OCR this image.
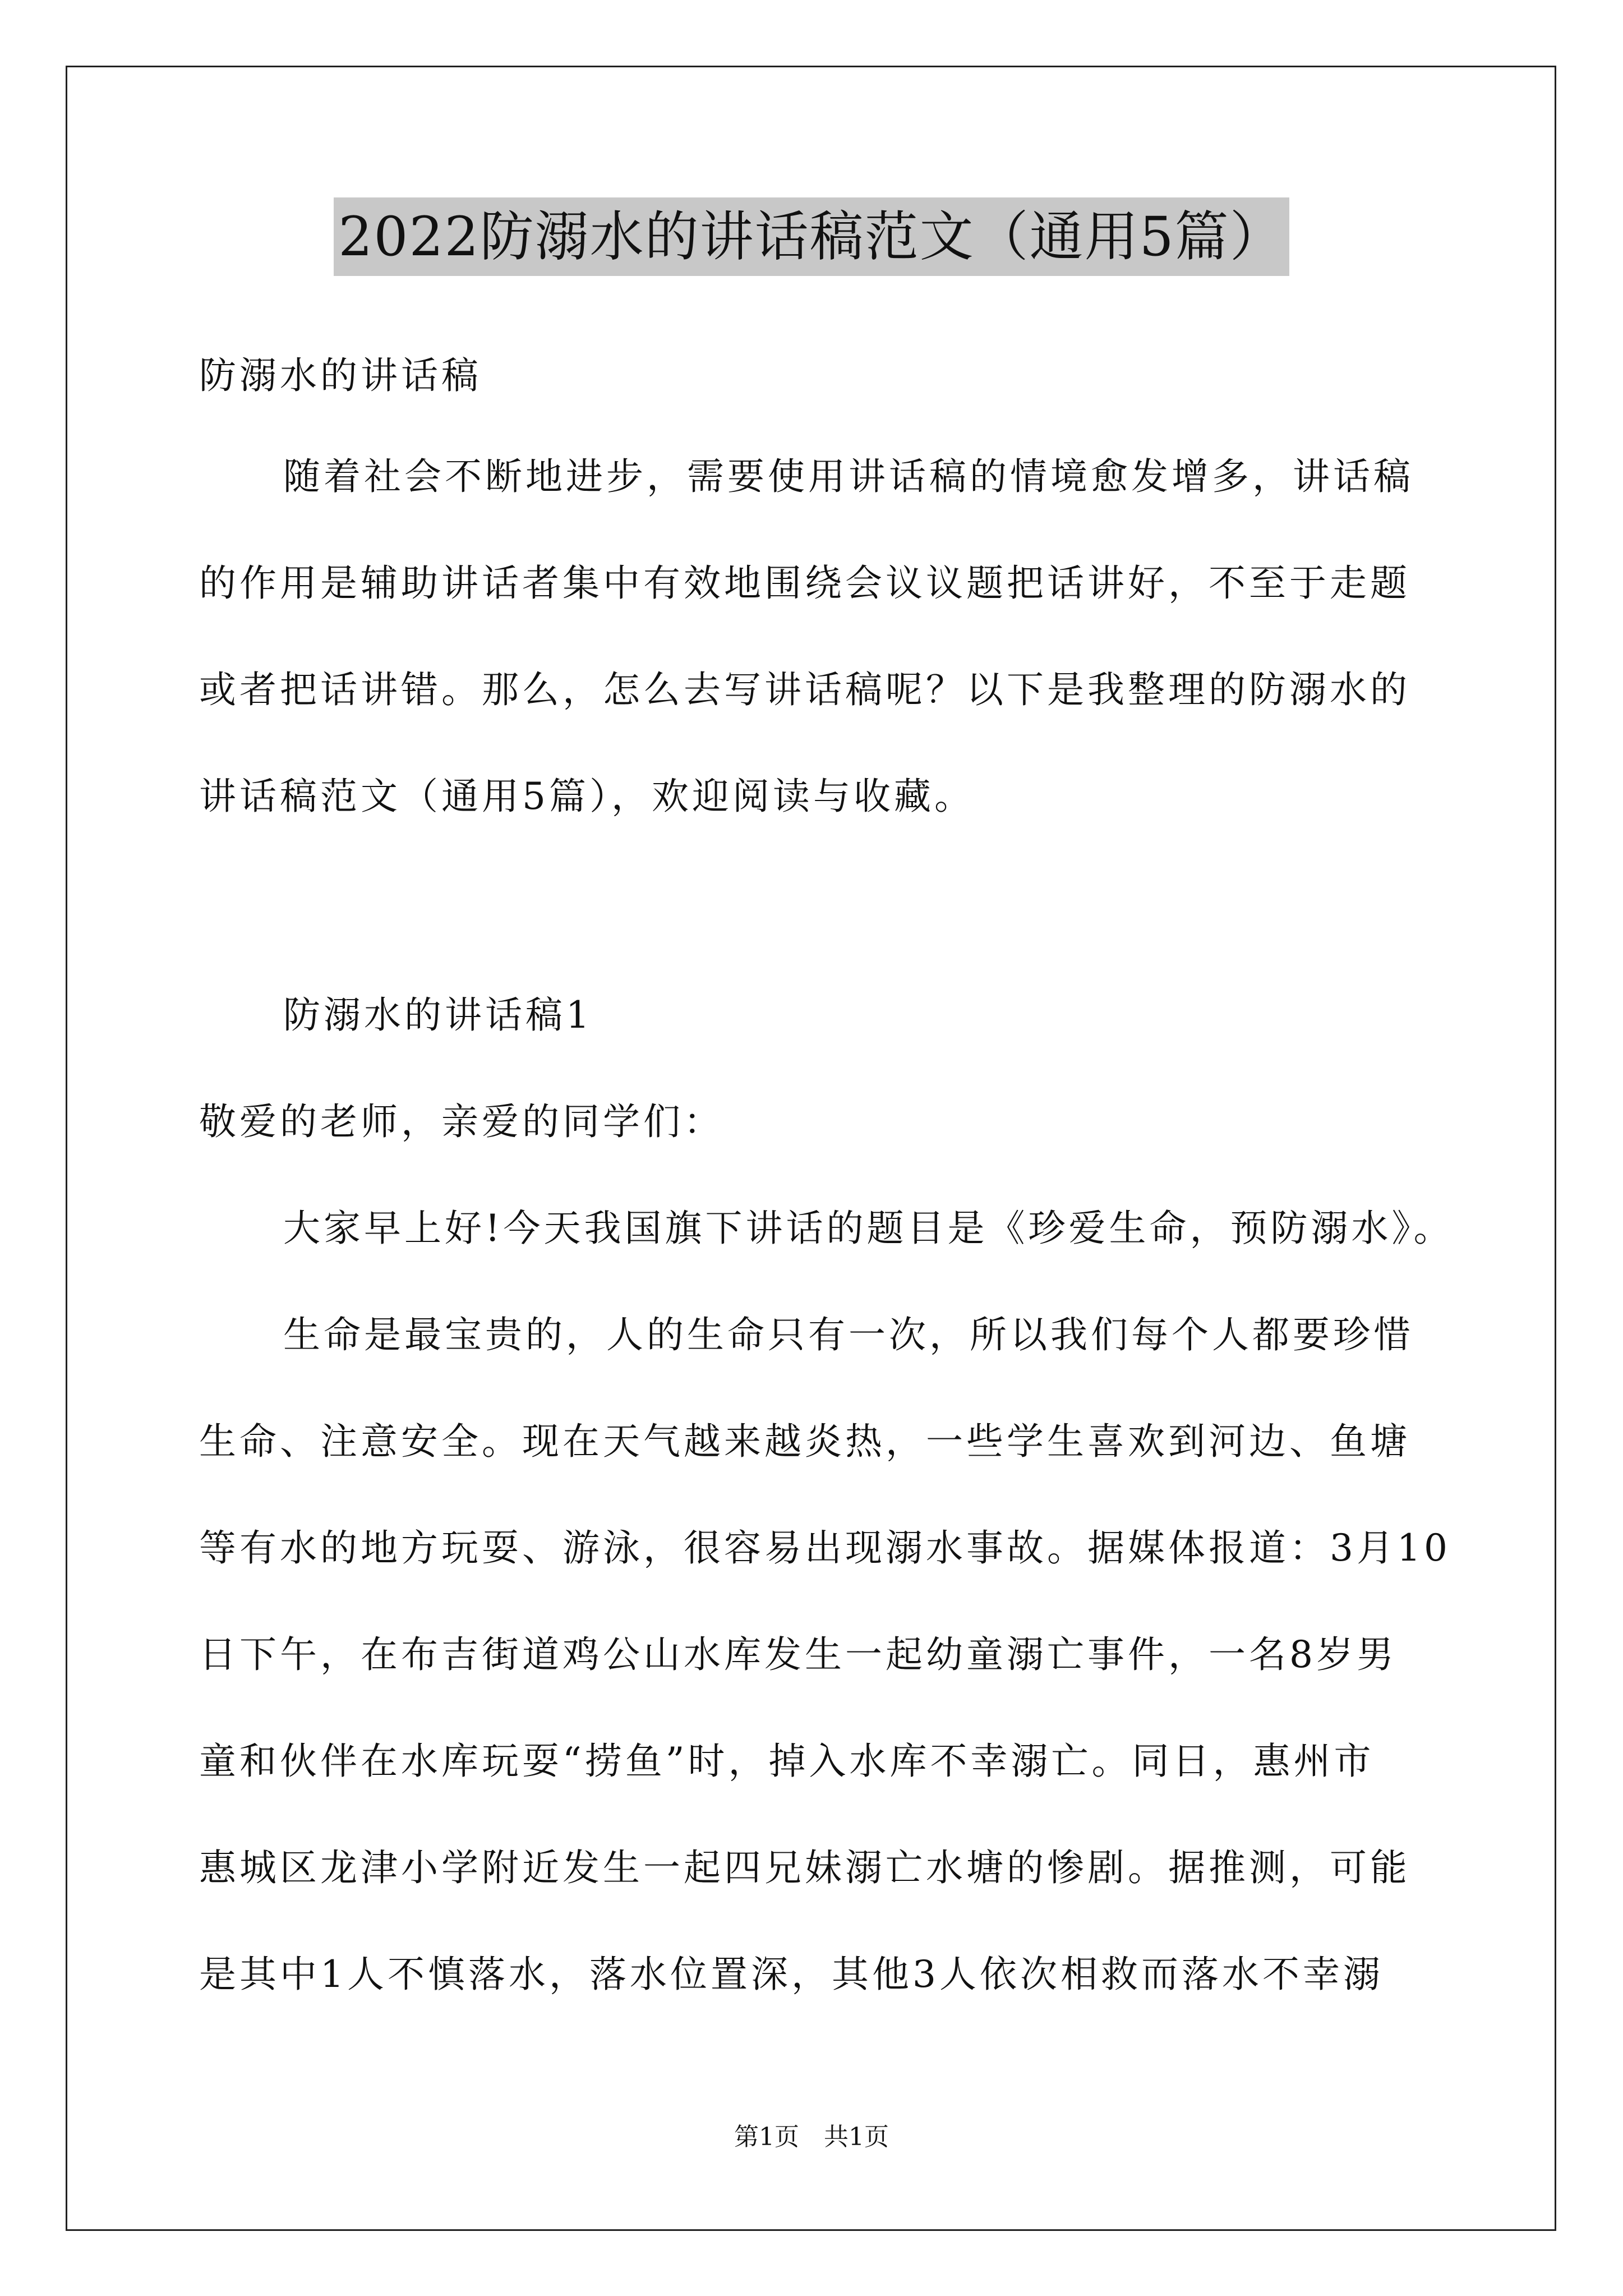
2022防溺水的讲话稿范文（通用5篇）
防溺水的讲话稿
随着社会不断地进步，需要使用讲话稿的情境愈发增多，讲话稿
的作用是辅助讲话者集中有效地围绕会议议题把话讲好，不至于走题
或者把话讲错。那么，怎么去写讲话稿呢？以下是我整理的防溺水的
讲话稿范文（通用5篇），欢迎阅读与收藏。
防溺水的讲话稿1
敬爱的老师，亲爱的同学们：
大家早上好!今天我国旗下讲话的题目是《珍爱生命，预防溺水》。
生命是最宝贵的，人的生命只有一次，所以我们每个人都要珍惜
生命、注意安全。现在天气越来越炎热，一些学生喜欢到河边、鱼塘
等有水的地方玩耍、游泳，很容易出现溺水事故。据媒体报道：3月10
日下午，在布吉街道鸡公山水库发生一起幼童溺亡事件，一名8岁男
童和伙伴在水库玩耍“捞鱼”时，掉入水库不幸溺亡。同日，惠州市
惠城区龙津小学附近发生一起四兄妹溺亡水塘的惨剧。据推测，可能
是其中1人不慎落水，落水位置深，其他3人依次相救而落水不幸溺
第1页　共1页
